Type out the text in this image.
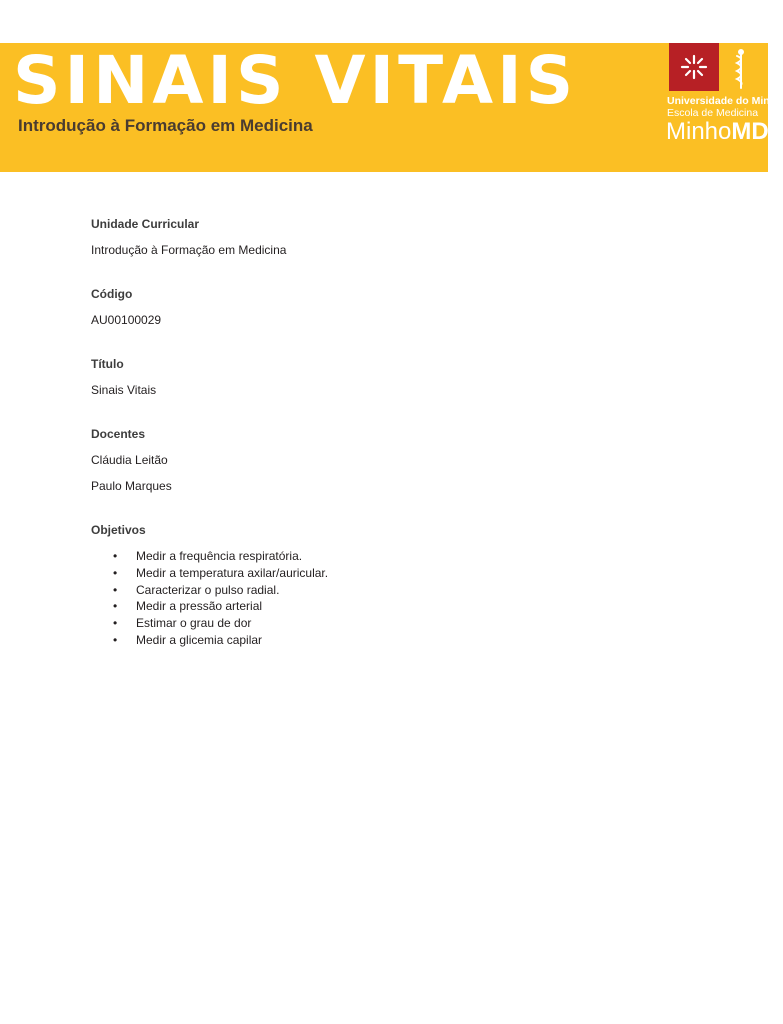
SINAIS VITAIS
Introdução à Formação em Medicina
Universidade do Minho
Escola de Medicina
MinhoMD

Unidade Curricular

Introdução à Formação em Medicina

Código

AU00100029

Título

Sinais Vitais

Docentes

Cláudia Leitão

Paulo Marques

Objetivos

• Medir a frequência respiratória.
• Medir a temperatura axilar/auricular.
• Caracterizar o pulso radial.
• Medir a pressão arterial
• Estimar o grau de dor
• Medir a glicemia capilar
